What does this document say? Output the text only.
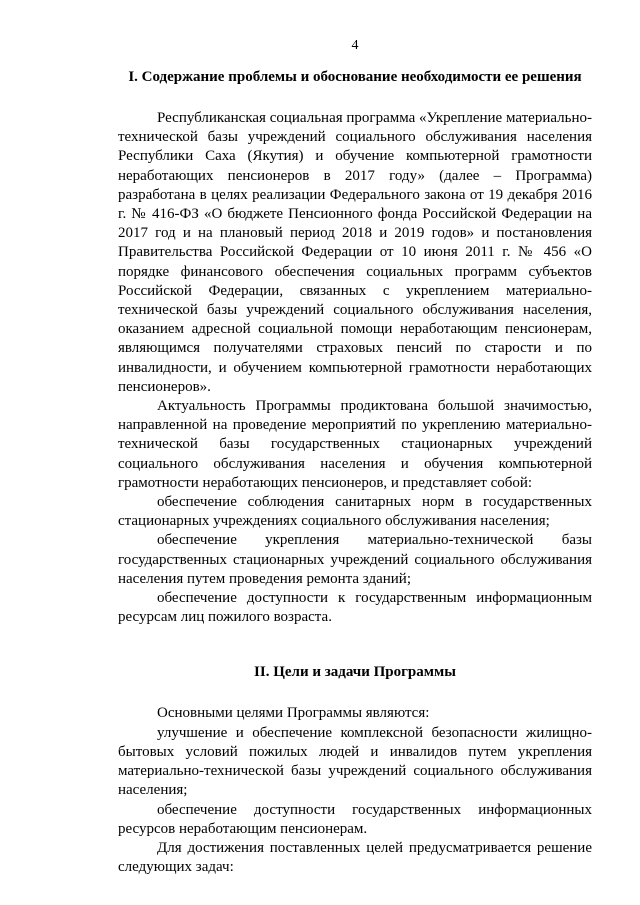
4
I. Содержание проблемы и обоснование необходимости ее решения

Республиканская социальная программа «Укрепление материально-технической базы учреждений социального обслуживания населения Республики Саха (Якутия) и обучение компьютерной грамотности неработающих пенсионеров в 2017 году» (далее – Программа) разработана в целях реализации Федерального закона от 19 декабря 2016 г. № 416-ФЗ «О бюджете Пенсионного фонда Российской Федерации на 2017 год и на плановый период 2018 и 2019 годов» и постановления Правительства Российской Федерации от 10 июня 2011 г. № 456 «О порядке финансового обеспечения социальных программ субъектов Российской Федерации, связанных с укреплением материально-технической базы учреждений социального обслуживания населения, оказанием адресной социальной помощи неработающим пенсионерам, являющимся получателями страховых пенсий по старости и по инвалидности, и обучением компьютерной грамотности неработающих пенсионеров».

Актуальность Программы продиктована большой значимостью, направленной на проведение мероприятий по укреплению материально-технической базы государственных стационарных учреждений социального обслуживания населения и обучения компьютерной грамотности неработающих пенсионеров, и представляет собой:

обеспечение соблюдения санитарных норм в государственных стационарных учреждениях социального обслуживания населения;

обеспечение укрепления материально-технической базы государственных стационарных учреждений социального обслуживания населения путем проведения ремонта зданий;

обеспечение доступности к государственным информационным ресурсам лиц пожилого возраста.

II. Цели и задачи Программы

Основными целями Программы являются:

улучшение и обеспечение комплексной безопасности жилищно-бытовых условий пожилых людей и инвалидов путем укрепления материально-технической базы учреждений социального обслуживания населения;

обеспечение доступности государственных информационных ресурсов неработающим пенсионерам.

Для достижения поставленных целей предусматривается решение следующих задач:
